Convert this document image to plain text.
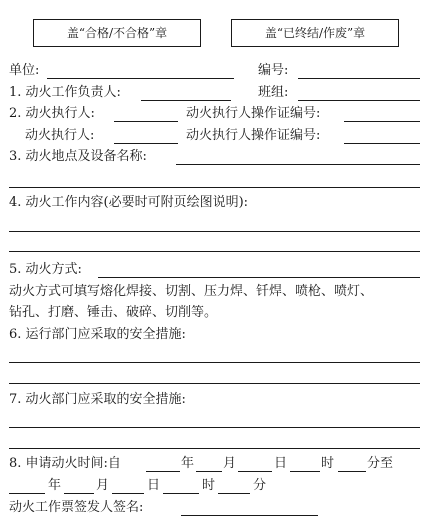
盖“合格/不合格”章	盖“已终结/作废”章
单位:	编号:
1. 动火工作负责人:	班组:
2. 动火执行人:	动火执行人操作证编号:
动火执行人:	动火执行人操作证编号:
3. 动火地点及设备名称:
4. 动火工作内容(必要时可附页绘图说明):
5. 动火方式:
动火方式可填写熔化焊接、切割、压力焊、钎焊、喷枪、喷灯、
钻孔、打磨、锤击、破碎、切削等。
6. 运行部门应采取的安全措施:
7. 动火部门应采取的安全措施:
8. 申请动火时间:自	年 月	日	时	分至
年	月	日	时	分
动火工作票签发人签名:
